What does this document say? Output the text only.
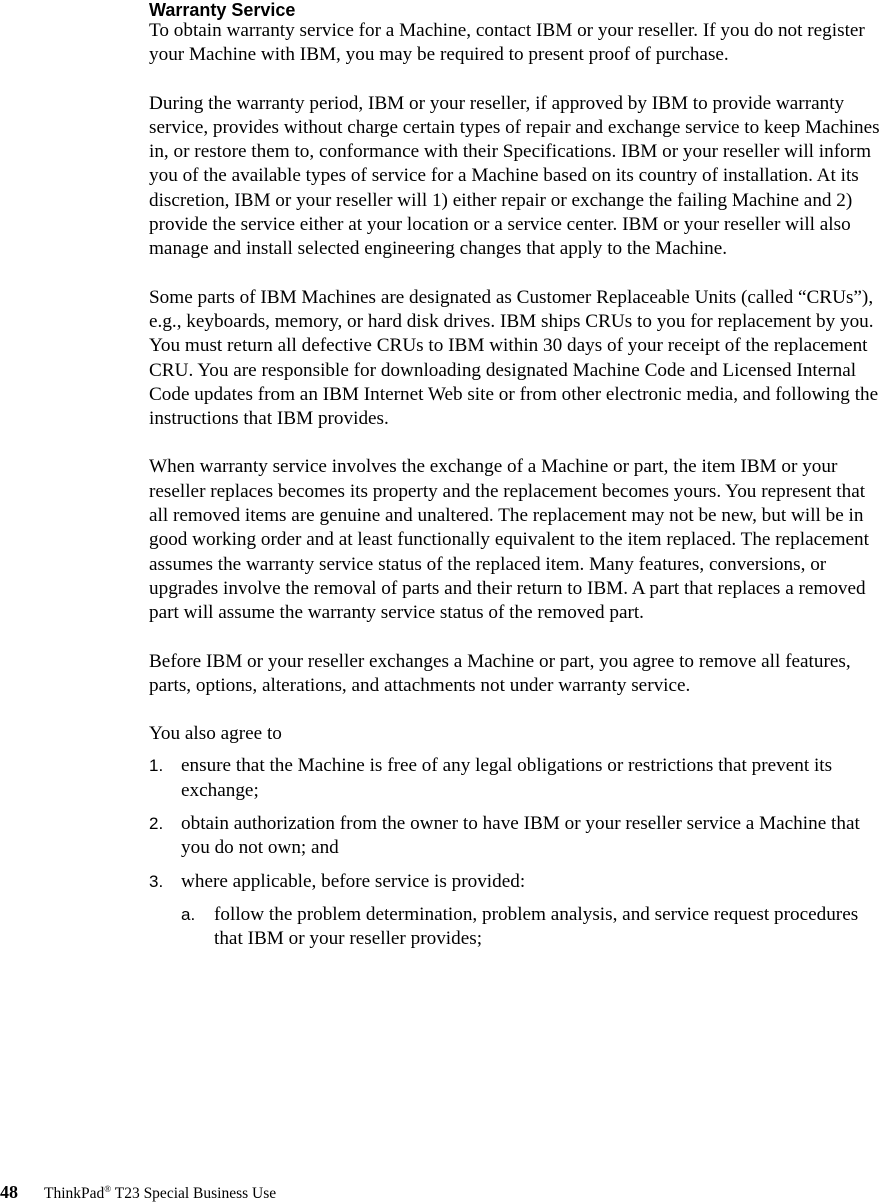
Warranty Service

To obtain warranty service for a Machine, contact IBM or your reseller. If you do not register your Machine with IBM, you may be required to present proof of purchase.

During the warranty period, IBM or your reseller, if approved by IBM to provide warranty service, provides without charge certain types of repair and exchange service to keep Machines in, or restore them to, conformance with their Specifications. IBM or your reseller will inform you of the available types of service for a Machine based on its country of installation. At its discretion, IBM or your reseller will 1) either repair or exchange the failing Machine and 2) provide the service either at your location or a service center. IBM or your reseller will also manage and install selected engineering changes that apply to the Machine.

Some parts of IBM Machines are designated as Customer Replaceable Units (called “CRUs”), e.g., keyboards, memory, or hard disk drives. IBM ships CRUs to you for replacement by you. You must return all defective CRUs to IBM within 30 days of your receipt of the replacement CRU. You are responsible for downloading designated Machine Code and Licensed Internal Code updates from an IBM Internet Web site or from other electronic media, and following the instructions that IBM provides.

When warranty service involves the exchange of a Machine or part, the item IBM or your reseller replaces becomes its property and the replacement becomes yours. You represent that all removed items are genuine and unaltered. The replacement may not be new, but will be in good working order and at least functionally equivalent to the item replaced. The replacement assumes the warranty service status of the replaced item. Many features, conversions, or upgrades involve the removal of parts and their return to IBM. A part that replaces a removed part will assume the warranty service status of the removed part.

Before IBM or your reseller exchanges a Machine or part, you agree to remove all features, parts, options, alterations, and attachments not under warranty service.

You also agree to

1. ensure that the Machine is free of any legal obligations or restrictions that prevent its exchange;
2. obtain authorization from the owner to have IBM or your reseller service a Machine that you do not own; and
3. where applicable, before service is provided:
a. follow the problem determination, problem analysis, and service request procedures that IBM or your reseller provides;
48 ThinkPad® T23 Special Business Use
